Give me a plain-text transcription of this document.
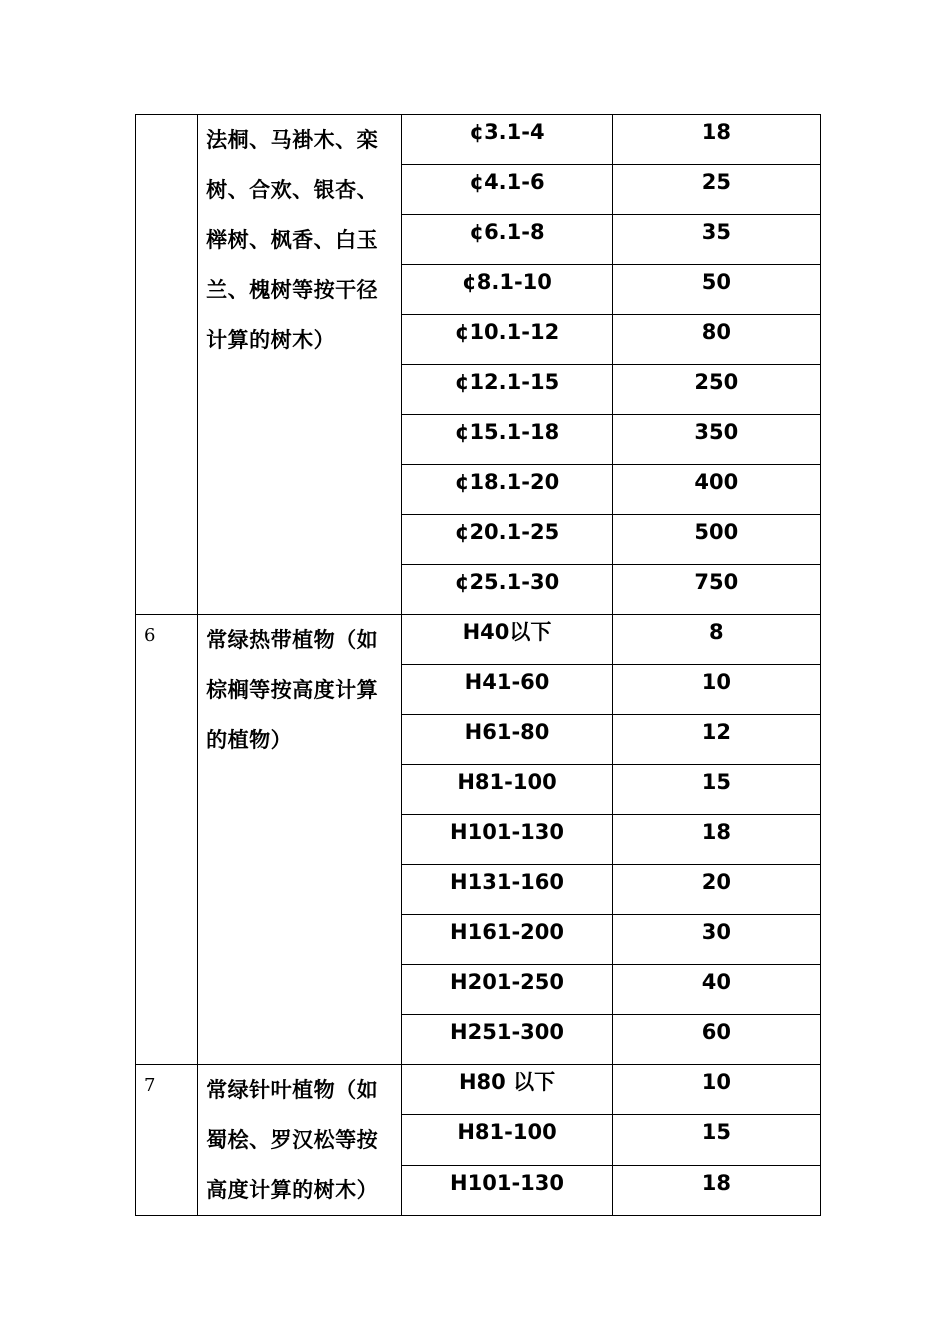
	法桐、马褂木、栾
树、合欢、银杏、
榉树、枫香、白玉
兰、槐树等按干径
计算的树木）	¢3.1-4	18
		¢4.1-6	25
		¢6.1-8	35
		¢8.1-10	50
		¢10.1-12	80
		¢12.1-15	250
		¢15.1-18	350
		¢18.1-20	400
		¢20.1-25	500
		¢25.1-30	750
6	常绿热带植物（如
棕榈等按高度计算
的植物）	H40以下	8
		H41-60	10
		H61-80	12
		H81-100	15
		H101-130	18
		H131-160	20
		H161-200	30
		H201-250	40
		H251-300	60
7	常绿针叶植物（如
蜀桧、罗汉松等按
高度计算的树木）	H80 以下	10
		H81-100	15
		H101-130	18
